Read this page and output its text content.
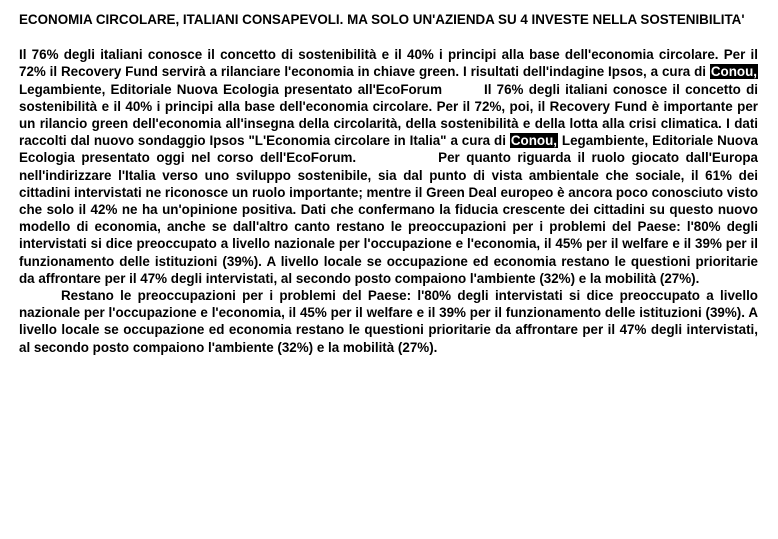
ECONOMIA CIRCOLARE, ITALIANI CONSAPEVOLI. MA SOLO UN'AZIENDA SU 4 INVESTE NELLA SOSTENIBILITA'

Il 76% degli italiani conosce il concetto di sostenibilità e il 40% i principi alla base dell'economia circolare. Per il 72% il Recovery Fund servirà a rilanciare l'economia in chiave green. I risultati dell'indagine Ipsos, a cura di Conou, Legambiente, Editoriale Nuova Ecologia presentato all'EcoForum	Il 76% degli italiani conosce il concetto di sostenibilità e il 40% i principi alla base dell'economia circolare. Per il 72%, poi, il Recovery Fund è importante per un rilancio green dell'economia all'insegna della circolarità, della sostenibilità e della lotta alla crisi climatica. I dati raccolti dal nuovo sondaggio Ipsos "L'Economia circolare in Italia" a cura di Conou, Legambiente, Editoriale Nuova Ecologia presentato oggi nel corso dell'EcoForum.	Per quanto riguarda il ruolo giocato dall'Europa nell'indirizzare l'Italia verso uno sviluppo sostenibile, sia dal punto di vista ambientale che sociale, il 61% dei cittadini intervistati ne riconosce un ruolo importante; mentre il Green Deal europeo è ancora poco conosciuto visto che solo il 42% ne ha un'opinione positiva. Dati che confermano la fiducia crescente dei cittadini su questo nuovo modello di economia, anche se dall'altro canto restano le preoccupazioni per i problemi del Paese: l'80% degli intervistati si dice preoccupato a livello nazionale per l'occupazione e l'economia, il 45% per il welfare e il 39% per il funzionamento delle istituzioni (39%). A livello locale se occupazione ed economia restano le questioni prioritarie da affrontare per il 47% degli intervistati, al secondo posto compaiono l'ambiente (32%) e la mobilità (27%).
Restano le preoccupazioni per i problemi del Paese: l'80% degli intervistati si dice preoccupato a livello nazionale per l'occupazione e l'economia, il 45% per il welfare e il 39% per il funzionamento delle istituzioni (39%). A livello locale se occupazione ed economia restano le questioni prioritarie da affrontare per il 47% degli intervistati, al secondo posto compaiono l'ambiente (32%) e la mobilità (27%).
